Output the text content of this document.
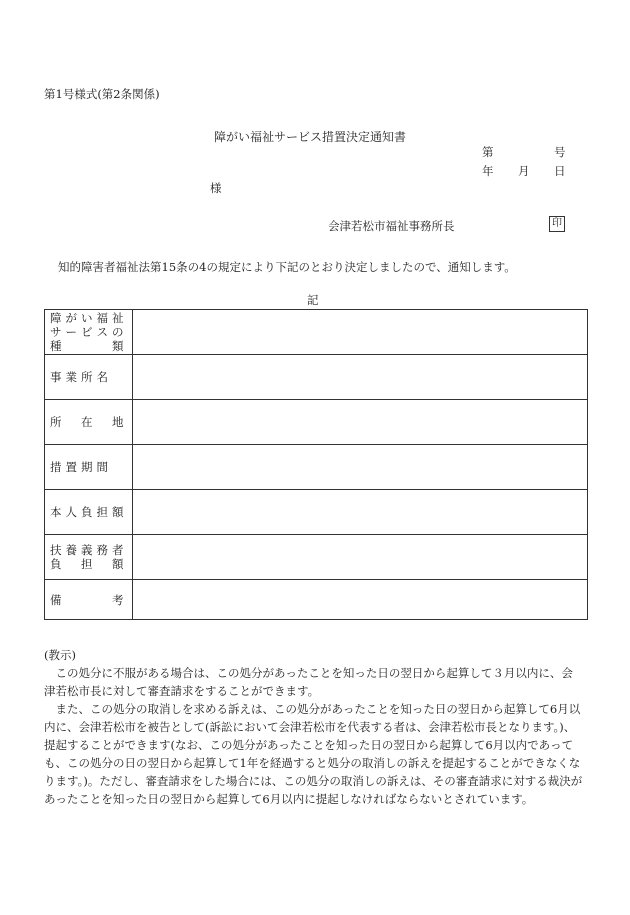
第1号様式(第2条関係)
障がい福祉サービス措置決定通知書
第	号
年 月 日
様
会津若松市福祉事務所長	印
知的障害者福祉法第15条の4の規定により下記のとおり決定しましたので、通知します。
記
障がい福祉
サービスの
種　　　類	

事業所名	
所　在　地	
措置期間	
本人負担額	

扶養義務者
負　担　額	

備　　　考	
(教示)
　この処分に不服がある場合は、この処分があったことを知った日の翌日から起算して３月以内に、会津若松市長に対して審査請求をすることができます。
　また、この処分の取消しを求める訴えは、この処分があったことを知った日の翌日から起算して6月以内に、会津若松市を被告として(訴訟において会津若松市を代表する者は、会津若松市長となります。)、提起することができます(なお、この処分があったことを知った日の翌日から起算して6月以内であっても、この処分の日の翌日から起算して1年を経過すると処分の取消しの訴えを提起することができなくなります。)。ただし、審査請求をした場合には、この処分の取消しの訴えは、その審査請求に対する裁決があったことを知った日の翌日から起算して6月以内に提起しなければならないとされています。
